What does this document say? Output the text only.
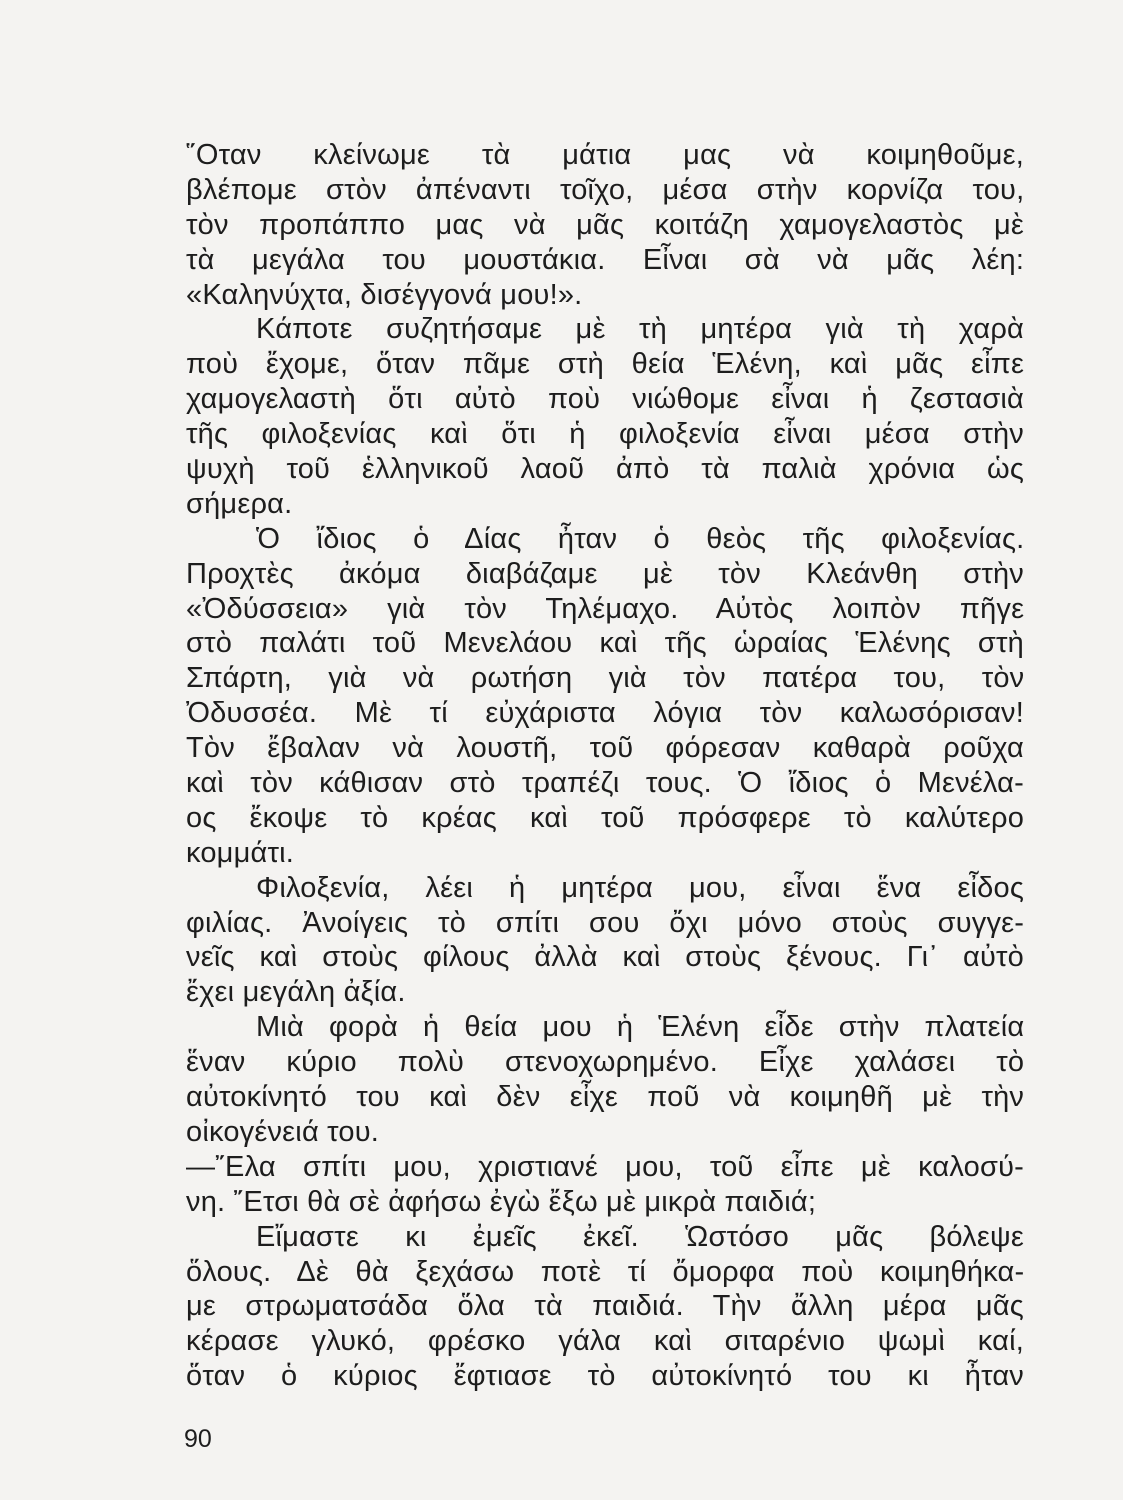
῞Οταν κλείνωμε τὰ μάτια μας νὰ κοιμηθοῦμε,
βλέπομε στὸν ἀπέναντι τοῖχο, μέσα στὴν κορνίζα του,
τὸν προπάππο μας νὰ μᾶς κοιτάζη χαμογελαστὸς μὲ
τὰ μεγάλα του μουστάκια. Εἶναι σὰ νὰ μᾶς λέη:
«Καληνύχτα, δισέγγονά μου!».
Κάποτε συζητήσαμε μὲ τὴ μητέρα γιὰ τὴ χαρὰ
ποὺ ἔχομε, ὅταν πᾶμε στὴ θεία Ἑλένη, καὶ μᾶς εἶπε
χαμογελαστὴ ὅτι αὐτὸ ποὺ νιώθομε εἶναι ἡ ζεστασιὰ
τῆς φιλοξενίας καὶ ὅτι ἡ φιλοξενία εἶναι μέσα στὴν
ψυχὴ τοῦ ἑλληνικοῦ λαοῦ ἀπὸ τὰ παλιὰ χρόνια ὡς
σήμερα.
Ὁ ἴδιος ὁ Δίας ἦταν ὁ θεὸς τῆς φιλοξενίας.
Προχτὲς ἀκόμα διαβάζαμε μὲ τὸν Κλεάνθη στὴν
«Ὀδύσσεια» γιὰ τὸν Τηλέμαχο. Αὐτὸς λοιπὸν πῆγε
στὸ παλάτι τοῦ Μενελάου καὶ τῆς ὡραίας Ἑλένης στὴ
Σπάρτη, γιὰ νὰ ρωτήση γιὰ τὸν πατέρα του, τὸν
Ὀδυσσέα. Μὲ τί εὐχάριστα λόγια τὸν καλωσόρισαν!
Τὸν ἔβαλαν νὰ λουστῆ, τοῦ φόρεσαν καθαρὰ ροῦχα
καὶ τὸν κάθισαν στὸ τραπέζι τους. Ὁ ἴδιος ὁ Μενέλα-
ος ἔκοψε τὸ κρέας καὶ τοῦ πρόσφερε τὸ καλύτερο
κομμάτι.
Φιλοξενία, λέει ἡ μητέρα μου, εἶναι ἕνα εἶδος
φιλίας. Ἀνοίγεις τὸ σπίτι σου ὄχι μόνο στοὺς συγγε-
νεῖς καὶ στοὺς φίλους ἀλλὰ καὶ στοὺς ξένους. Γι᾿ αὐτὸ
ἔχει μεγάλη ἀξία.
Μιὰ φορὰ ἡ θεία μου ἡ Ἑλένη εἶδε στὴν πλατεία
ἕναν κύριο πολὺ στενοχωρημένο. Εἶχε χαλάσει τὸ
αὐτοκίνητό του καὶ δὲν εἶχε ποῦ νὰ κοιμηθῆ μὲ τὴν
οἰκογένειά του.
—῎Ελα σπίτι μου, χριστιανέ μου, τοῦ εἶπε μὲ καλοσύ-
νη. ῎Ετσι θὰ σὲ ἀφήσω ἐγὼ ἔξω μὲ μικρὰ παιδιά;
Εἴμαστε κι ἐμεῖς ἐκεῖ. Ὡστόσο μᾶς βόλεψε
ὅλους. Δὲ θὰ ξεχάσω ποτὲ τί ὄμορφα ποὺ κοιμηθήκα-
με στρωματσάδα ὅλα τὰ παιδιά. Τὴν ἄλλη μέρα μᾶς
κέρασε γλυκό, φρέσκο γάλα καὶ σιταρένιο ψωμὶ καί,
ὅταν ὁ κύριος ἔφτιασε τὸ αὐτοκίνητό του κι ἦταν
90
